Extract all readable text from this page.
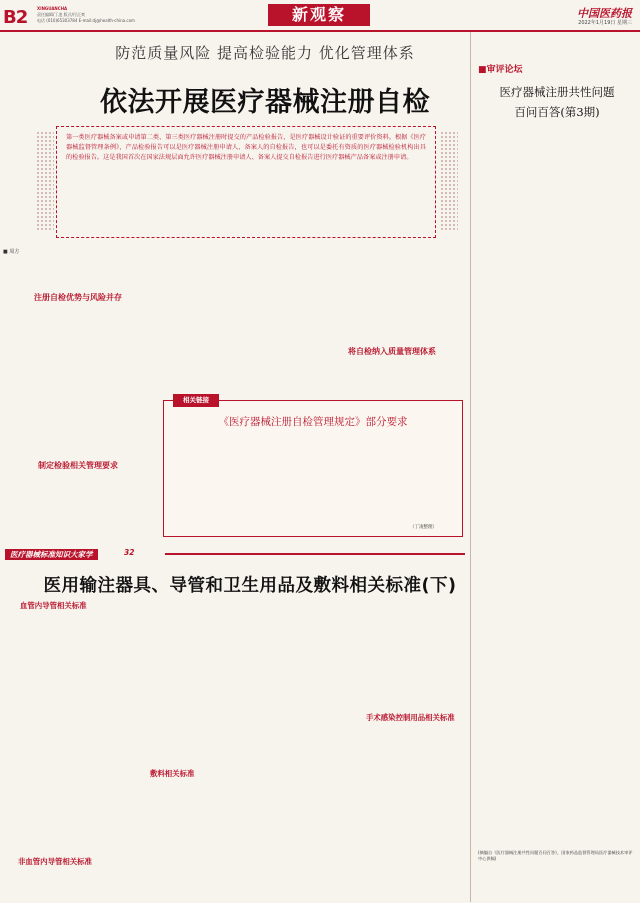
B2 XINGUANCHA
责任编辑/丁凌 版式/付正爽
电话 (010)65303784 E-mail:dj@health-china.com	新观察	中国医药报
2022年1月19日 星期三
防范质量风险 提高检验能力 优化管理体系
依法开展医疗器械注册自检
第一类医疗器械备案或申请第二类、第三类医疗器械注册时提交的产品检验报告，是医疗器械设计验证的重要评价资料。根据《医疗器械监督管理条例》，产品检验报告可以是医疗器械注册申请人、备案人的自检报告，也可以是委托有资质的医疗器械检验机构出具的检验报告。这是我国首次在国家法规层面允许医疗器械注册申请人、备案人提交自检报告进行医疗器械产品备案或注册申请。
■ 周方
注册自检优势与风险并存
制定检验相关管理要求
将自检纳入质量管理体系
相关链接
《医疗器械注册自检管理规定》部分要求
（丁凌整理）
■审评论坛
医疗器械注册共性问题
百问百答(第3期)
(摘编自《医疗器械注册共性问题百问百答》，国家药品监督管理局医疗器械技术审评中心供稿)
医疗器械标准知识大家学	32
医用输注器具、导管和卫生用品及敷料相关标准(下)
血管内导管相关标准
非血管内导管相关标准
敷料相关标准
手术感染控制用品相关标准
